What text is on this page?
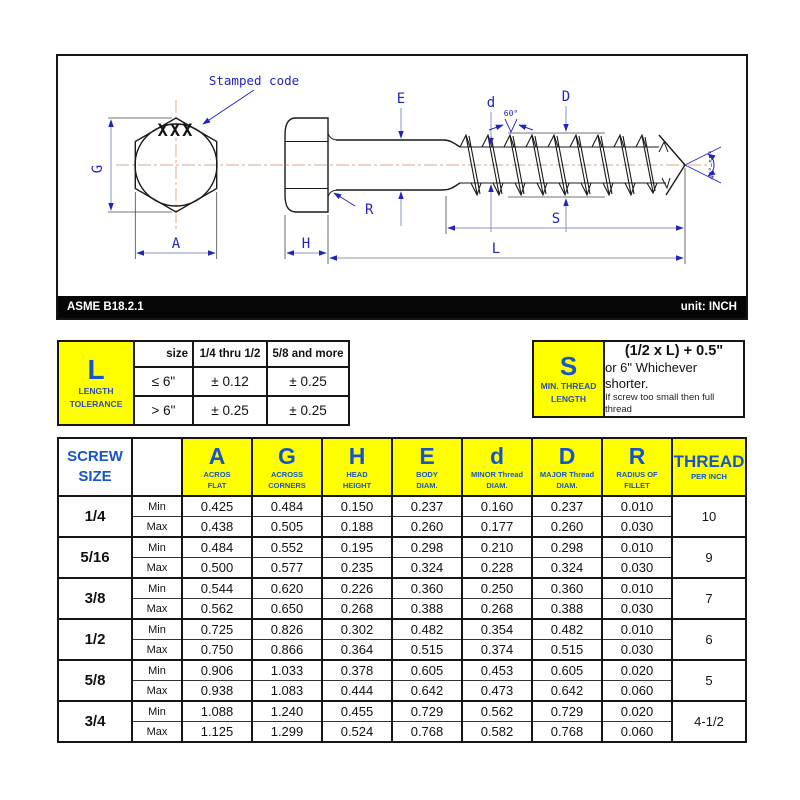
XXX
Stamped code
G
A	H
E	d	D
R
S
L
60°
40°~55°
ASME B18.2.1	unit: INCH
L
LENGTH
TOLERANCE	size	1/4 thru 1/2	5/8 and more
	≤ 6"	± 0.12	± 0.25
	> 6"	± 0.25	± 0.25
S
MIN. THREAD
LENGTH
(1/2 x L) + 0.5"
or 6" Whichever shorter.
If screw too small then full thread
SCREW
SIZE

A
ACROS
FLAT

G
ACROSS
CORNERS

H
HEAD
HEIGHT

E
BODY
DIAM.

d
MINOR Thread
DIAM.

D
MAJOR Thread
DIAM.

R
RADIUS OF
FILLET

THREAD
PER INCH

1/4	Min	0.425	0.484	0.150	0.237	0.160	0.237	0.010	10
	Max	0.438	0.505	0.188	0.260	0.177	0.260	0.030	
5/16	Min	0.484	0.552	0.195	0.298	0.210	0.298	0.010	9
	Max	0.500	0.577	0.235	0.324	0.228	0.324	0.030	
3/8	Min	0.544	0.620	0.226	0.360	0.250	0.360	0.010	7
	Max	0.562	0.650	0.268	0.388	0.268	0.388	0.030	
1/2	Min	0.725	0.826	0.302	0.482	0.354	0.482	0.010	6
	Max	0.750	0.866	0.364	0.515	0.374	0.515	0.030	
5/8	Min	0.906	1.033	0.378	0.605	0.453	0.605	0.020	5
	Max	0.938	1.083	0.444	0.642	0.473	0.642	0.060	
3/4	Min	1.088	1.240	0.455	0.729	0.562	0.729	0.020	4-1/2
	Max	1.125	1.299	0.524	0.768	0.582	0.768	0.060	
